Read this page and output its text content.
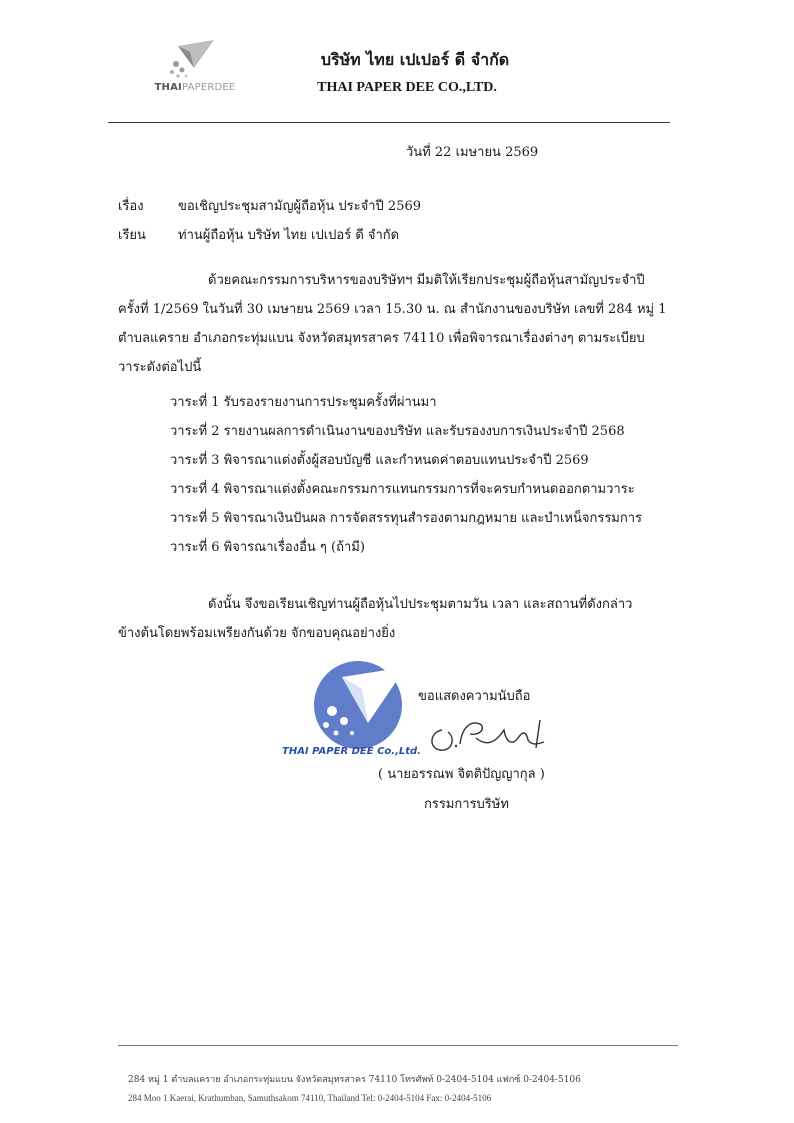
THAIPAPERDEE
บริษัท ไทย เปเปอร์ ดี จำกัด
THAI PAPER DEE CO.,LTD.
วันที่ 22 เมษายน 2569
เรื่อง	ขอเชิญประชุมสามัญผู้ถือหุ้น ประจำปี 2569
เรียน ท่านผู้ถือหุ้น บริษัท ไทย เปเปอร์ ดี จำกัด
ด้วยคณะกรรมการบริหารของบริษัทฯ มีมติให้เรียกประชุมผู้ถือหุ้นสามัญประจำปี
ครั้งที่ 1/2569 ในวันที่ 30 เมษายน 2569 เวลา 15.30 น. ณ สำนักงานของบริษัท เลขที่ 284 หมู่ 1
ตำบลแคราย อำเภอกระทุ่มแบน จังหวัดสมุทรสาคร 74110 เพื่อพิจารณาเรื่องต่างๆ ตามระเบียบ
วาระดังต่อไปนี้
วาระที่ 1 รับรองรายงานการประชุมครั้งที่ผ่านมา
วาระที่ 2 รายงานผลการดำเนินงานของบริษัท และรับรองงบการเงินประจำปี 2568
วาระที่ 3 พิจารณาแต่งตั้งผู้สอบบัญชี และกำหนดค่าตอบแทนประจำปี 2569
วาระที่ 4 พิจารณาแต่งตั้งคณะกรรมการแทนกรรมการที่จะครบกำหนดออกตามวาระ
วาระที่ 5 พิจารณาเงินปันผล การจัดสรรทุนสำรองตามกฎหมาย และบำเหน็จกรรมการ
วาระที่ 6 พิจารณาเรื่องอื่น ๆ (ถ้ามี)
ดังนั้น จึงขอเรียนเชิญท่านผู้ถือหุ้นไปประชุมตามวัน เวลา และสถานที่ดังกล่าว
ข้างต้นโดยพร้อมเพรียงกันด้วย จักขอบคุณอย่างยิ่ง
THAI PAPER DEE Co.,Ltd.
ขอแสดงความนับถือ
( นายอรรณพ จิตติปัญญากุล )
กรรมการบริษัท
284 หมู่ 1 ตำบลแคราย อำเภอกระทุ่มแบน จังหวัดสมุทรสาคร 74110 โทรศัพท์ 0-2404-5104 แฟกซ์ 0-2404-5106
284 Moo 1 Kaerai, Krathumban, Samuthsakom 74110, Thailand Tel: 0-2404-5104 Fax: 0-2404-5106
